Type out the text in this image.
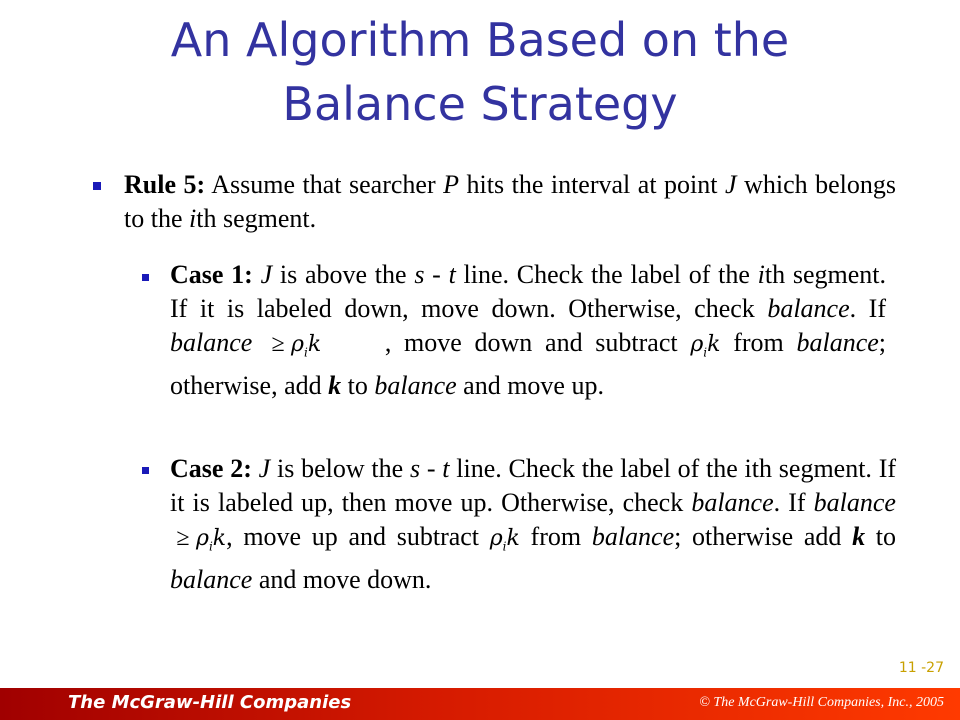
An Algorithm Based on the
Balance Strategy
Rule 5: Assume that searcher P hits the interval at point J which belongs to the ith segment.
Case 1: J is above the s - t line. Check the label of the ith segment. If it is labeled down, move down. Otherwise, check balance. If balance ≥ $\rho_ik$ , move down and subtract $\rho_ik$ from balance; otherwise, add k to balance and move up.
Case 2: J is below the s - t line. Check the label of the ith segment. If it is labeled up, then move up. Otherwise, check balance. If balance ≥ $\rho_ik$, move up and subtract $\rho_ik$ from balance; otherwise add k to balance and move down.
11 -27
The McGraw-Hill Companies	© The McGraw-Hill Companies, Inc., 2005
